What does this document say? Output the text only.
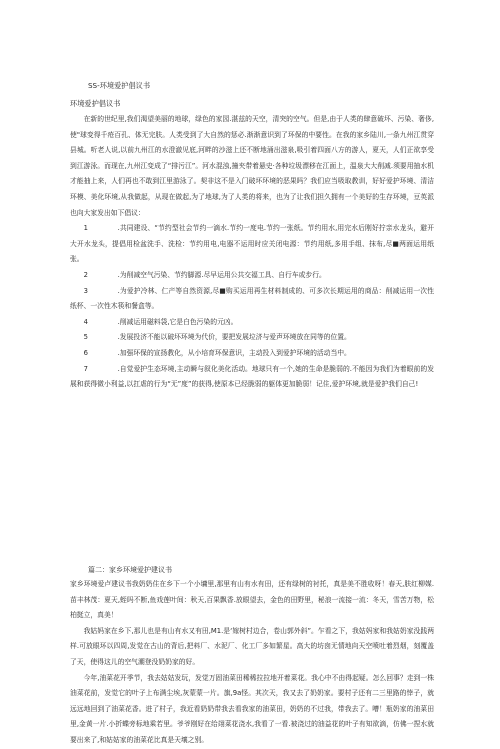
SS-环境爱护倡议书
环境爱护倡议书

在新的世纪里,我们渴望美丽的地球，绿色的家园.湛兹的天空，清突的空气。但是,由于人类的肆意破坏、污染、奢侈,使"球变得千疮百孔、体无完肤。人类受到了大自然的惩必.渐渐意识到了环保的中要性。在我的家乡陆川,一条九州江贯穿县城。听老人说,以前九州江的水澄澈见底,河畔的沙滋上还不断地涌出滋泉,吸引着四面八方的游人，夏天，人们正欲享受到江游泳。而现在,九州江变成了“排污江”。河水混浊,撞夹带着悬史·各种垃圾漂移在江面上，温泉大大削减.须要用抽水机才能抽上来，人们再也不敢到江里游泳了。契非这不是入门破坏环境的恶果吗？我们应当吸取教训，好好爱护环境、清洁环模、美化环境,从我做起，从现在做起,为了地球,为了人类的将来，也为了让我们担久拥有一个美好的生存环境，豆英派也向大家发出如下倡议：

1	.共同建设、“节约型社会节约一滴水.节约一度电.节约一张纸。节约用水,用完水后刚好拧亲水龙头，避开大开水龙头，提倡用检盆洗手、洗检：节约用电,电器不运用时应关闭电源：节约用纸,多用手组、抹布,尽■两面运用纸张。

2	.为削减空气污染、节约脚源.尽早运用公共交福工具、自行车或步行。

3	.为爱护冷林、仁产等自然资源,尽■购买运用再生材料制成的、可多次长期运用的商品：削减运用一次性纸杯、一次性木筷和餐盒等。

4	.削减运用磁料袋,它是白色污染的元凶。

5	.发展投济不能以破坏环境为代价，要把发展垃济与爱声环境放在同等的位置。

6	.加强环保的宣扬教化，从小培育环保意识，主动投入到爱护环境的活动当中。

7	.自觉爱护生态环境,主动瞬与叙化美化活动。地球只有一个,她的生命是脆弱的.不能因为我们为着眼前的发展和获得微小利益,以扛虐的行为“无”度”的获得,使原本已经脆弱的躯体更加脆弱！记住,爱护环境,就是爱护我们自己!

篇二：家乡环境爱护建议书

家乡环境爱卢建议书我奶奶住在乡下一个小墉里,那里有山有水有田，还有绿树的衬托，真是美不胜收呀！春天,肤红柳媒.苗丰林茂：夏天,蛭吗不断,鱼戏莲叶间：秋天,百果飘香.放眼望去，金色的田野里，秘浪一流接一流：冬天，雪苦万物，松柏挺立，真美！

我姑妈家在乡下,那儿也是有山有水又有田,M1.是‘嫁树村边合，卷山郭外斜”。乍看之下，我姑妈家和我姑奶家没践两样.可放眼环以四周,发觉在古山的背后,把料厂、水泥厂、化工厂多如繁星。高大的坊囱无情地向天空喷吐着烈烟，刻覆盖了天，使得这儿的空气潮登没奶奶家的好。

今年,油菜花开季节，我去姑姑发玩，发觉万固油菜田稀稀拉拉地开着菜花。我心中不由得起疑。怎么回事？走到一株油菜花前，发觉它的叶子上布满尘埃,灰蒙蒙一片。旗,9a怪。其次天，我又去了奶奶家。要村子还有二三里路的悻子，就远远地回到了油菜花香。进了村子，我近看奶奶带我去看我家的油菜田，奶奶的不过我，带我去了。嘈！瓶奶家的油菜田里,金黄一片.小折蝶旁标地乘若里。爷爷刚好在给翊菜花浇水,我看了一看.被浇过的油益花的叶子有知欲滴，仿佛一捏水就要出来了,和姑姑家的油菜花比真是天壤之别。
